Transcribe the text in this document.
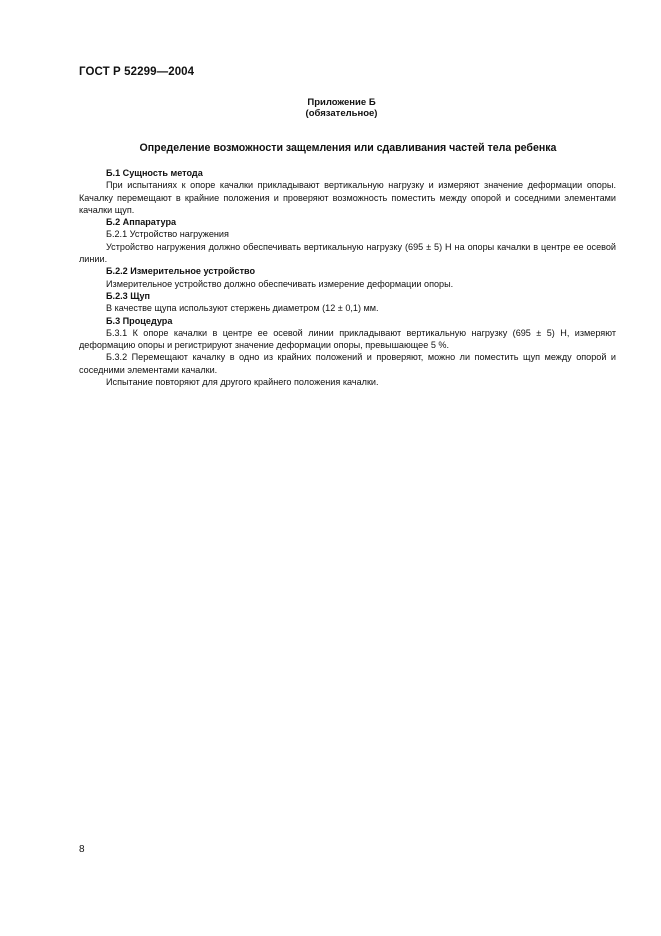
ГОСТ Р 52299—2004
Приложение Б
(обязательное)
Определение возможности защемления или сдавливания частей тела ребенка

Б.1 Сущность метода

При испытаниях к опоре качалки прикладывают вертикальную нагрузку и измеряют значение деформации опоры. Качалку перемещают в крайние положения и проверяют возможность поместить между опорой и соседними элементами качалки щуп.

Б.2 Аппаратура

Б.2.1 Устройство нагружения

Устройство нагружения должно обеспечивать вертикальную нагрузку (695 ± 5) Н на опоры качалки в центре ее осевой линии.

Б.2.2 Измерительное устройство

Измерительное устройство должно обеспечивать измерение деформации опоры.

Б.2.3 Щуп

В качестве щупа используют стержень диаметром (12 ± 0,1) мм.

Б.3 Процедура

Б.3.1 К опоре качалки в центре ее осевой линии прикладывают вертикальную нагрузку (695 ± 5) Н, измеряют деформацию опоры и регистрируют значение деформации опоры, превышающее 5 %.

Б.3.2 Перемещают качалку в одно из крайних положений и проверяют, можно ли поместить щуп между опорой и соседними элементами качалки.

Испытание повторяют для другого крайнего положения качалки.

8
